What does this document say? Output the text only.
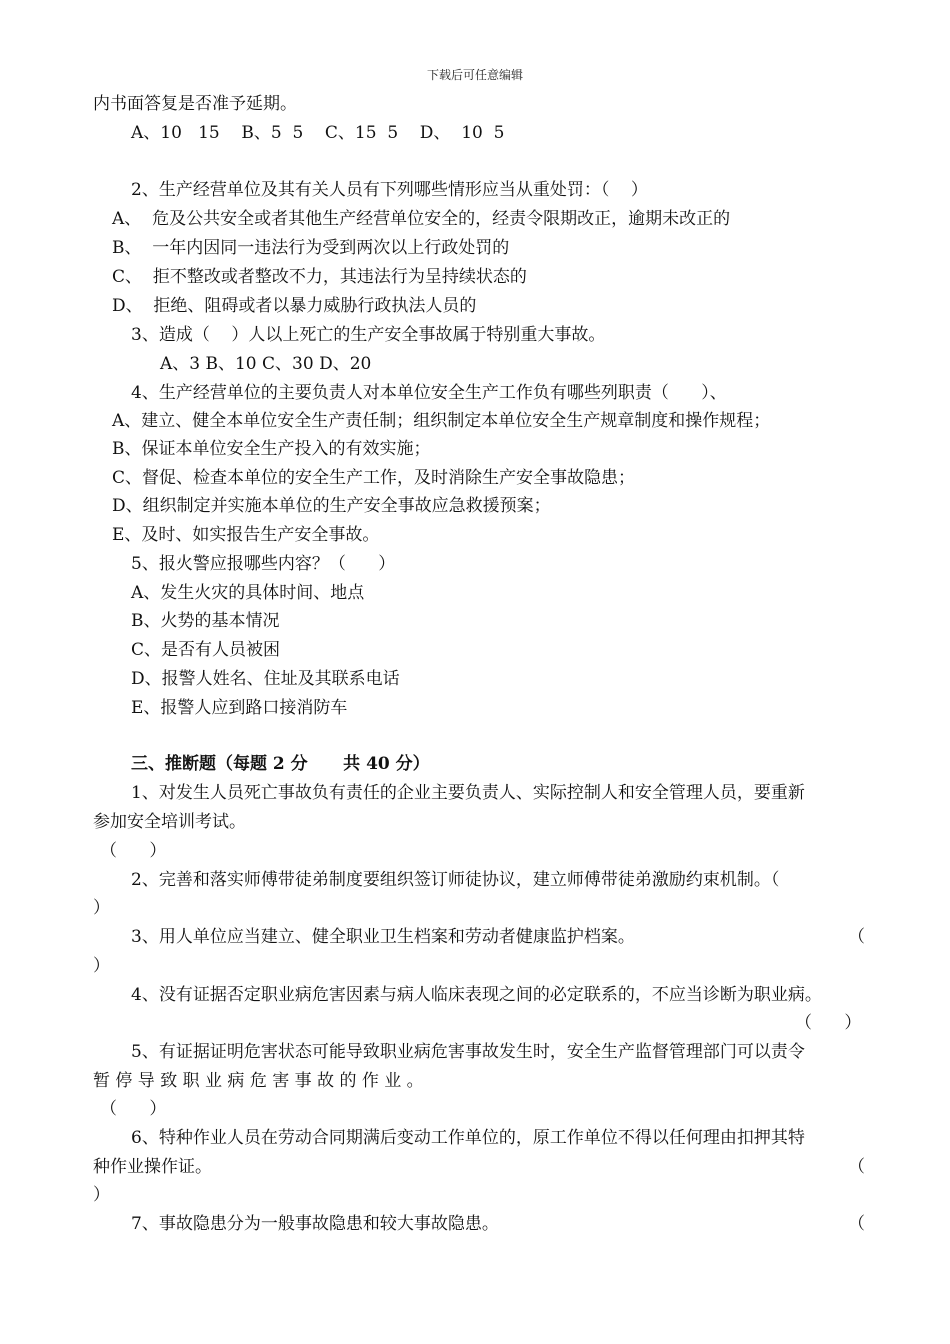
下载后可任意编辑
内书面答复是否准予延期。
A、10   15    B、5  5    C、15  5    D、  10  5
2、生产经营单位及其有关人员有下列哪些情形应当从重处罚：（    ）
A、  危及公共安全或者其他生产经营单位安全的，经责令限期改正，逾期未改正的
B、  一年内因同一违法行为受到两次以上行政处罚的
C、  拒不整改或者整改不力，其违法行为呈持续状态的
D、  拒绝、阻碍或者以暴力威胁行政执法人员的
3、造成（    ）人以上死亡的生产安全事故属于特别重大事故。
A、3 B、10 C、30 D、20
4、生产经营单位的主要负责人对本单位安全生产工作负有哪些列职责（      ）、
A、建立、健全本单位安全生产责任制；组织制定本单位安全生产规章制度和操作规程；
B、保证本单位安全生产投入的有效实施；
C、督促、检查本单位的安全生产工作，及时消除生产安全事故隐患；
D、组织制定并实施本单位的生产安全事故应急救援预案；
E、及时、如实报告生产安全事故。
5、报火警应报哪些内容？（      ）
A、发生火灾的具体时间、地点
B、火势的基本情况
C、是否有人员被困
D、报警人姓名、住址及其联系电话
E、报警人应到路口接消防车
三、推断题（每题 2 分      共 40 分）
1、对发生人员死亡事故负有责任的企业主要负责人、实际控制人和安全管理人员，要重新
参加安全培训考试。
（      ）
2、完善和落实师傅带徒弟制度要组织签订师徒协议，建立师傅带徒弟激励约束机制。（
）
3、用人单位应当建立、健全职业卫生档案和劳动者健康监护档案。	（
）
4、没有证据否定职业病危害因素与病人临床表现之间的必定联系的，不应当诊断为职业病。
（      ）
5、有证据证明危害状态可能导致职业病危害事故发生时，安全生产监督管理部门可以责令
暂 停 导 致 职 业 病 危 害 事 故 的 作 业 。
（      ）
6、特种作业人员在劳动合同期满后变动工作单位的，原工作单位不得以任何理由扣押其特
种作业操作证。	（
）
7、事故隐患分为一般事故隐患和较大事故隐患。	（
